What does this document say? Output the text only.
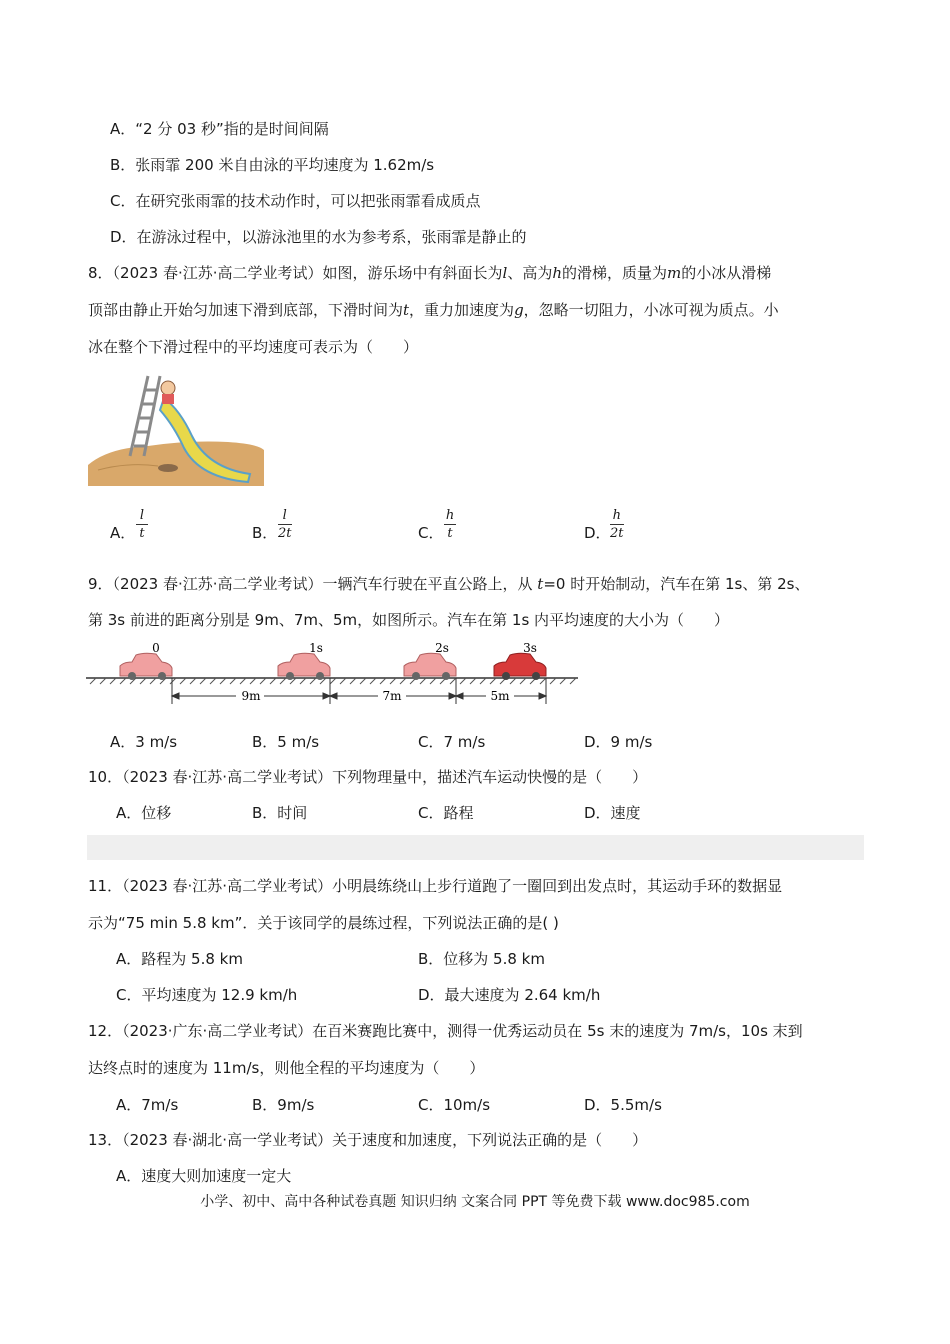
A．“2 分 03 秒”指的是时间间隔
B．张雨霏 200 米自由泳的平均速度为 1.62m/s
C．在研究张雨霏的技术动作时，可以把张雨霏看成质点
D．在游泳过程中，以游泳池里的水为参考系，张雨霏是静止的
8．（2023 春·江苏·高二学业考试）如图，游乐场中有斜面长为l、高为h的滑梯，质量为m的小冰从滑梯
顶部由静止开始匀加速下滑到底部，下滑时间为t，重力加速度为g，忽略一切阻力，小冰可视为质点。小
冰在整个下滑过程中的平均速度可表示为（　　）
A．
l
t	B．
l
2t	C．
h
t	D．
h
2t
9．（2023 春·江苏·高二学业考试）一辆汽车行驶在平直公路上，从 t=0 时开始制动，汽车在第 1s、第 2s、
第 3s 前进的距离分别是 9m、7m、5m，如图所示。汽车在第 1s 内平均速度的大小为（　　）
0	1s	2s	3s
9m	7m	5m
A．3 m/s	B．5 m/s	C．7 m/s	D．9 m/s
10．（2023 春·江苏·高二学业考试）下列物理量中，描述汽车运动快慢的是（　　）
A．位移	B．时间	C．路程	D．速度
11．（2023 春·江苏·高二学业考试）小明晨练绕山上步行道跑了一圈回到出发点时，其运动手环的数据显
示为“75 min 5.8 km”．关于该同学的晨练过程，下列说法正确的是( )
A．路程为 5.8 km	B．位移为 5.8 km
C．平均速度为 12.9 km/h	D．最大速度为 2.64 km/h
12．（2023·广东·高二学业考试）在百米赛跑比赛中，测得一优秀运动员在 5s 末的速度为 7m/s，10s 末到
达终点时的速度为 11m/s，则他全程的平均速度为（　　）
A．7m/s	B．9m/s	C．10m/s	D．5.5m/s
13．（2023 春·湖北·高一学业考试）关于速度和加速度，下列说法正确的是（　　）
A．速度大则加速度一定大
小学、初中、高中各种试卷真题 知识归纳 文案合同 PPT 等免费下载 www.doc985.com
